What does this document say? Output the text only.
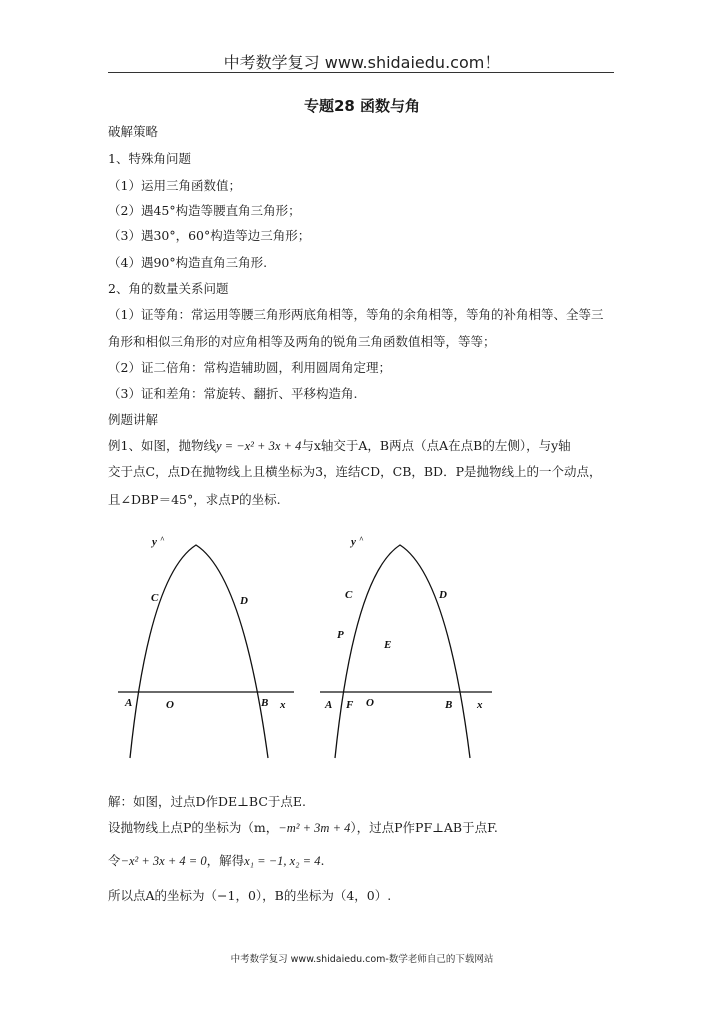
中考数学复习 www.shidaiedu.com！
专题28 函数与角
破解策略
1、特殊角问题
（1）运用三角函数值；
（2）遇45°构造等腰直角三角形；
（3）遇30°，60°构造等边三角形；
（4）遇90°构造直角三角形.
2、角的数量关系问题
（1）证等角：常运用等腰三角形两底角相等，等角的余角相等，等角的补角相等、全等三
角形和相似三角形的对应角相等及两角的锐角三角函数值相等，等等；
（2）证二倍角：常构造辅助圆，利用圆周角定理；
（3）证和差角：常旋转、翻折、平移构造角.
例题讲解
例1、如图，抛物线y = −x² + 3x + 4与x轴交于A，B两点（点A在点B的左侧），与y轴
交于点C，点D在抛物线上且横坐标为3，连结CD，CB，BD．P是抛物线上的一个动点，
且∠DBP＝45°，求点P的坐标.
y ^
C	D
A	O	B x
y ^
C	D
P
E
A F O	B x
解：如图，过点D作DE⊥BC于点E.
设抛物线上点P的坐标为（m，−m² + 3m + 4），过点P作PF⊥AB于点F.
令−x² + 3x + 4 = 0，解得x₁ = −1, x₂ = 4.
所以点A的坐标为（−1，0），B的坐标为（4，0）.
中考数学复习 www.shidaiedu.com-数学老师自己的下载网站
